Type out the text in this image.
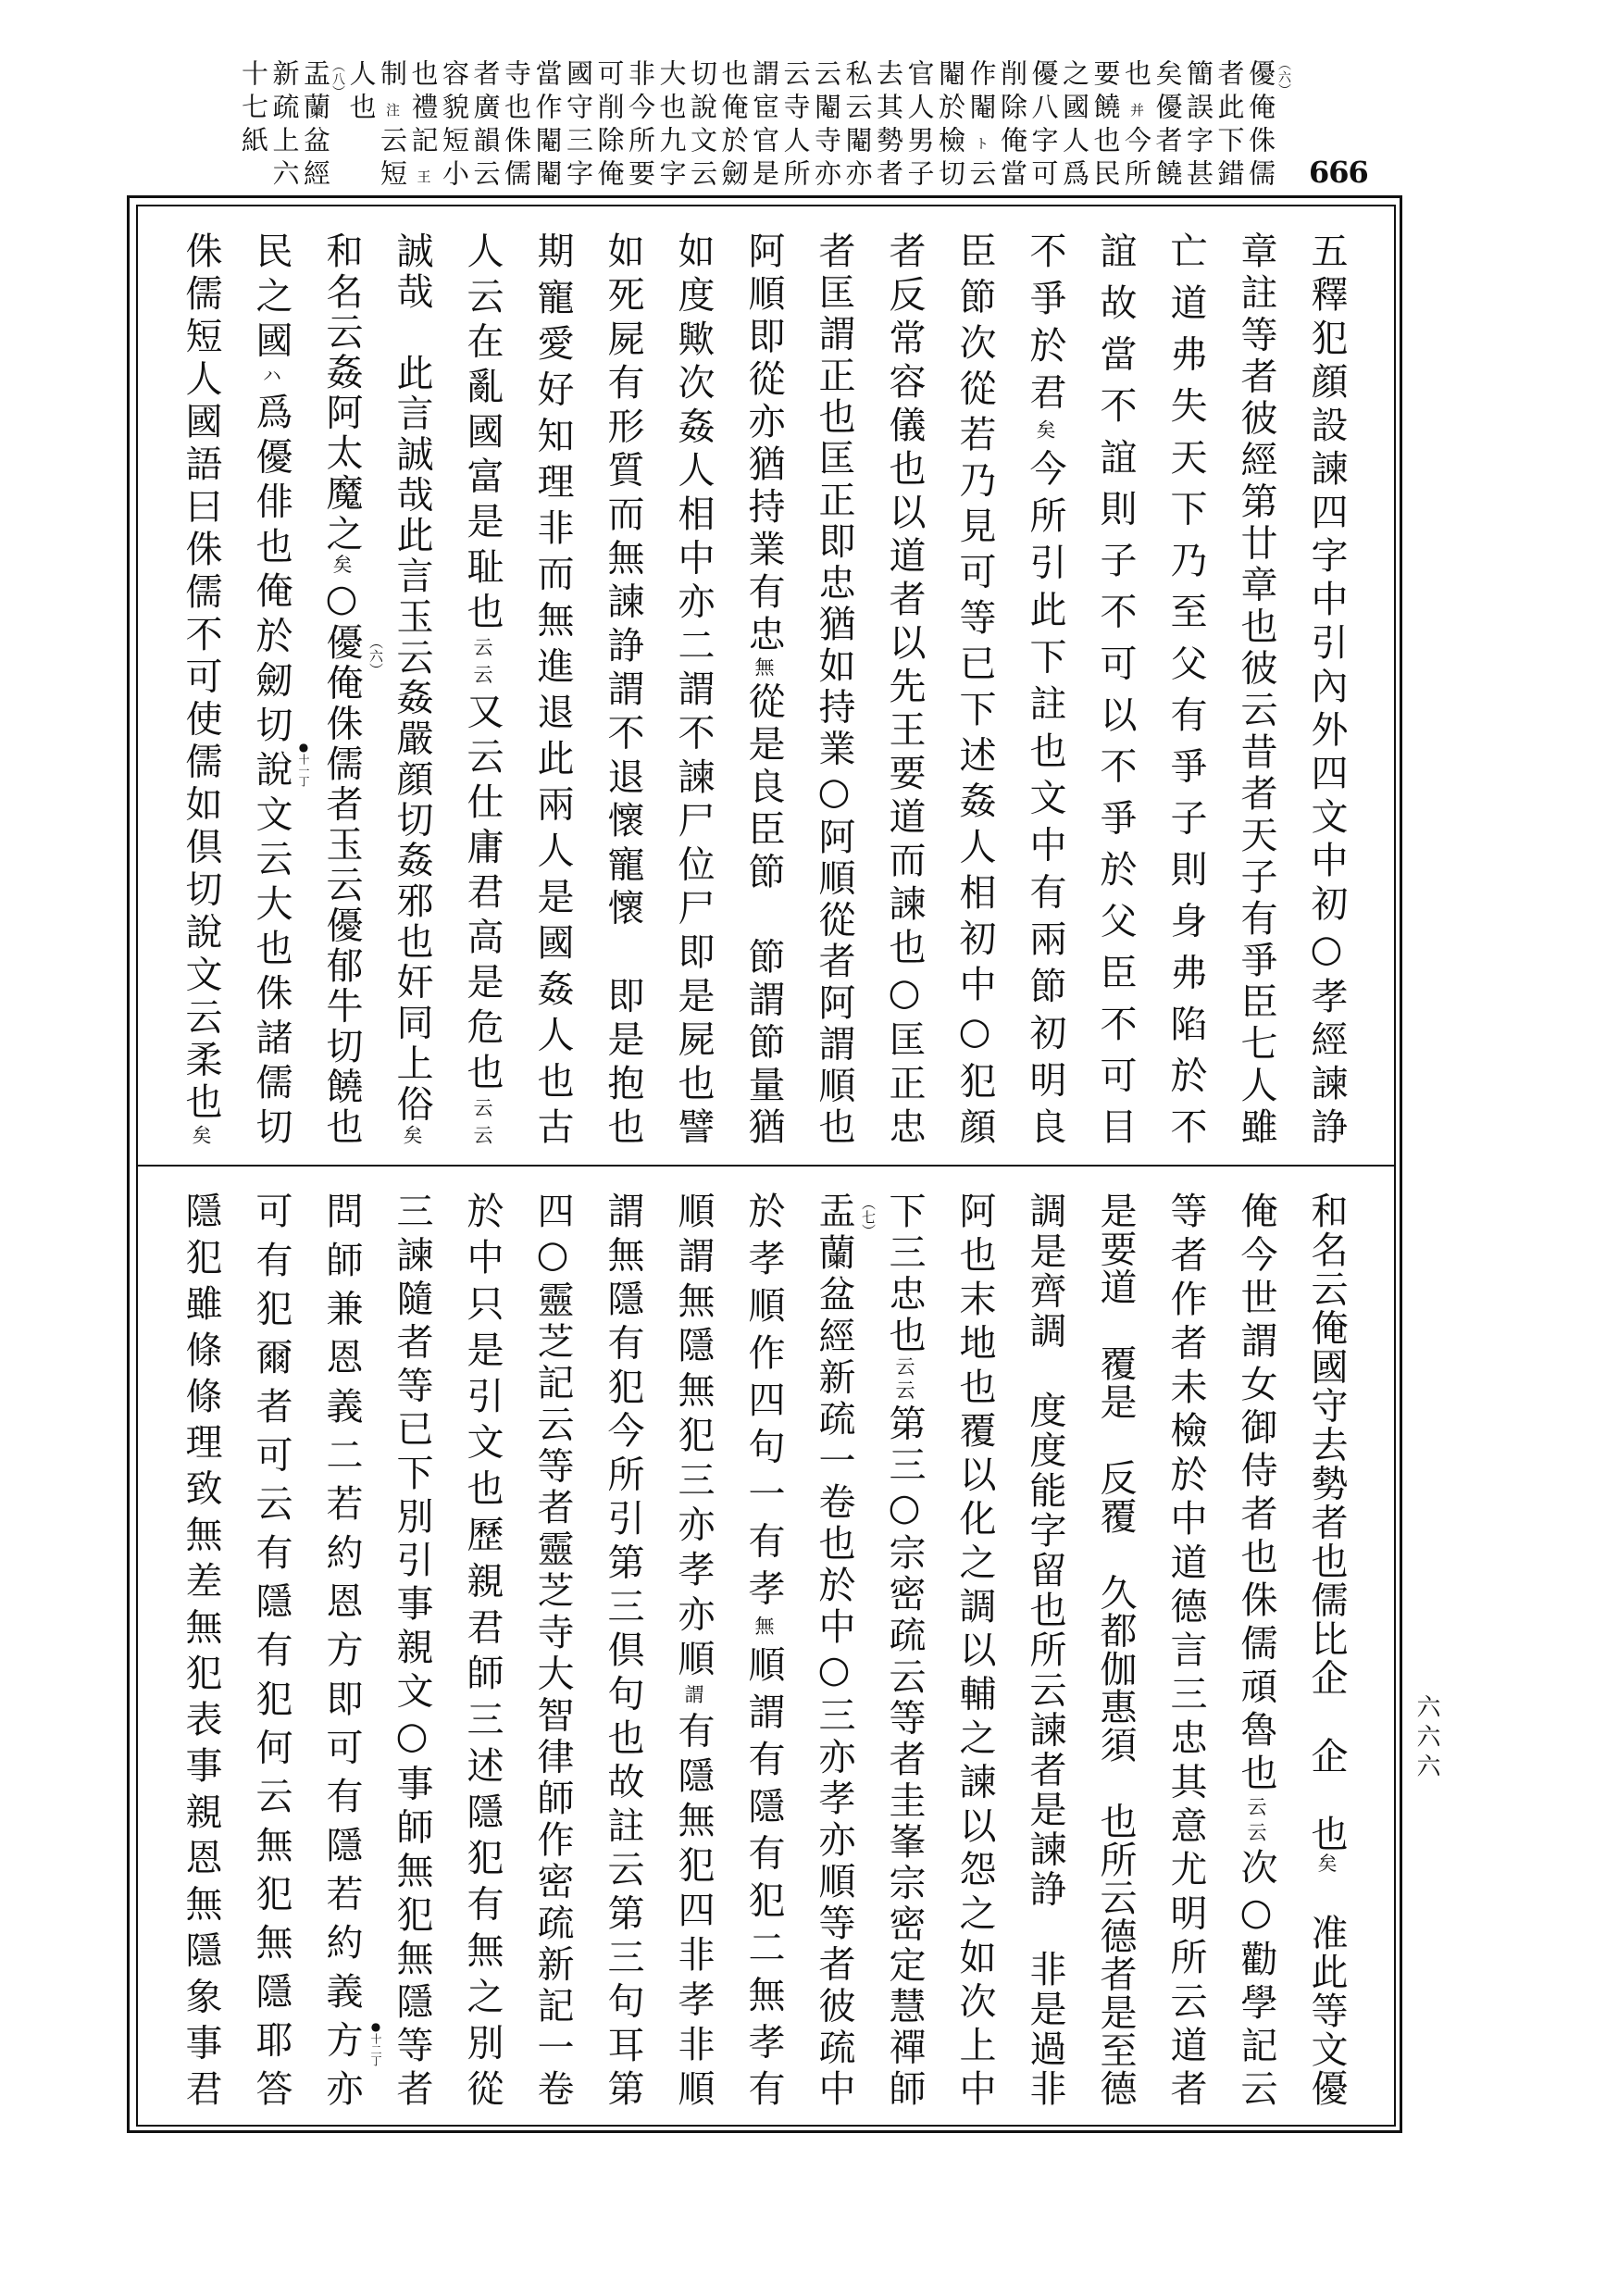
（六）
優俺侏儒
者此下錯
簡誤字甚
矣優者饒
也并今所
要饒也民
之國人爲
優八字可
削除俺當
作閹ト云
閹於檢切
官人男子
去其勢者
私云閹亦
云閹寺亦
云寺人所
謂宦官是
也俺於劒
切說文云
大也九字
非今所要
可削除俺
國守三字
當作閹閹
寺也侏儒
者廣韻云
容貌短小
也禮記王
制注云短
人也
（八）
盂蘭盆經
新疏上六
十七紙
666
五釋犯顔設諫四字中引內外四文中初○孝經諫諍
章註等者彼經第廿章也彼云昔者天子有爭臣七人雖
亡道弗失天下乃至父有爭子則身弗陷於不
誼故當不誼則子不可以不爭於父臣不可目
不爭於君矣今所引此下註也文中有兩節初明良
臣節次從若乃見可等已下述姦人相初中○犯顔
者反常容儀也以道者以先王要道而諫也○匡正忠
者匡謂正也匡正即忠猶如持業○阿順從者阿謂順也
阿順即從亦猶持業有忠無從是良臣節　節謂節量猶
如度歟次姦人相中亦二謂不諫尸位尸即是屍也譬
如死屍有形質而無諫諍謂不退懷寵懷　即是抱也
期寵愛好知理非而無進退此兩人是國姦人也古
人云在亂國富是耻也云云又云仕庸君高是危也云云
誠哉　此言誠哉此言玉云姦嚴顔切姦邪也奸同上俗矣
和名云姦阿太魔之矣○優俺侏儒者玉云優郁牛切饒也
民之國ハ爲優俳也俺於劒切說文云大也侏諸儒切
侏儒短人國語曰侏儒不可使儒如倶切說文云柔也矣
（六）
●十一丁
和名云俺國守去勢者也儒比企　企　也矣　准此等文優
俺今世謂女御侍者也侏儒頑魯也云云次○勸學記云
等者作者未檢於中道德言三忠其意尤明所云道者
是要道　覆是　反覆　久都伽惠須　也所云德者是至德
調是齊調　度度能字留也所云諫者是諫諍　非是過非
阿也末地也覆以化之調以輔之諫以怨之如次上中
下三忠也云云第三○宗密疏云等者圭峯宗密定慧禪師
盂蘭盆經新疏一卷也於中○三亦孝亦順等者彼疏中
於孝順作四句一有孝無順謂有隱有犯二無孝有
順謂無隱無犯三亦孝亦順謂有隱無犯四非孝非順
謂無隱有犯今所引第三倶句也故註云第三句耳第
四○靈芝記云等者靈芝寺大智律師作密疏新記一卷
於中只是引文也歷親君師三述隱犯有無之別從
三諫隨者等已下別引事親文○事師無犯無隱等者
問師兼恩義二若約恩方即可有隱若約義方亦
可有犯爾者可云有隱有犯何云無犯無隱耶答
隱犯雖條條理致無差無犯表事親恩無隱象事君	（七）
●十二丁
六六六
